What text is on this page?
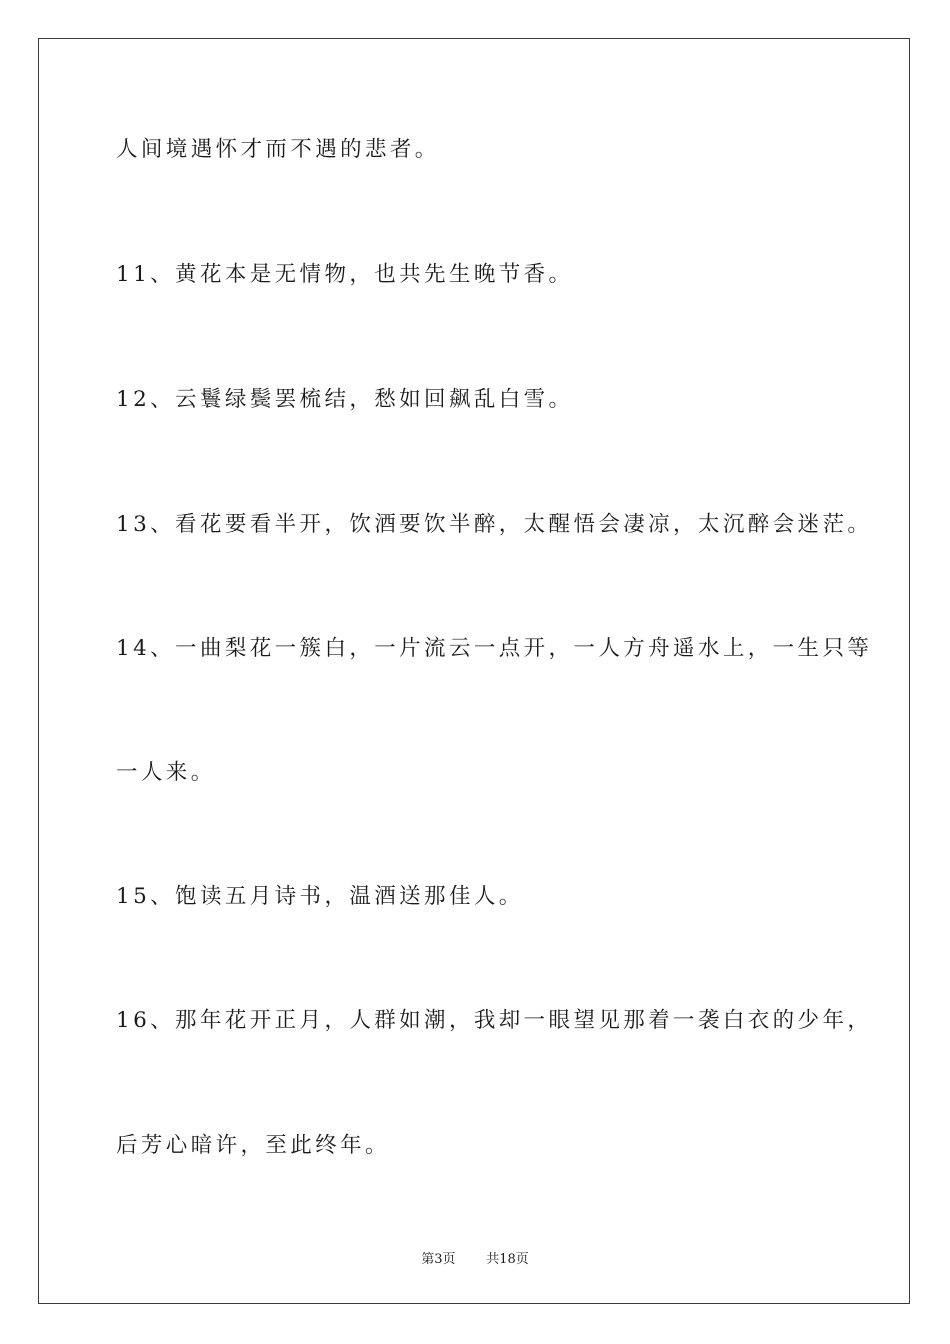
人间境遇怀才而不遇的悲者。
11、黄花本是无情物，也共先生晚节香。
12、云鬟绿鬓罢梳结，愁如回飙乱白雪。
13、看花要看半开，饮酒要饮半醉，太醒悟会凄凉，太沉醉会迷茫。
14、一曲梨花一簇白，一片流云一点开，一人方舟遥水上，一生只等
一人来。
15、饱读五月诗书，温酒送那佳人。
16、那年花开正月，人群如潮，我却一眼望见那着一袭白衣的少年，
后芳心暗许，至此终年。
第3页 共18页
